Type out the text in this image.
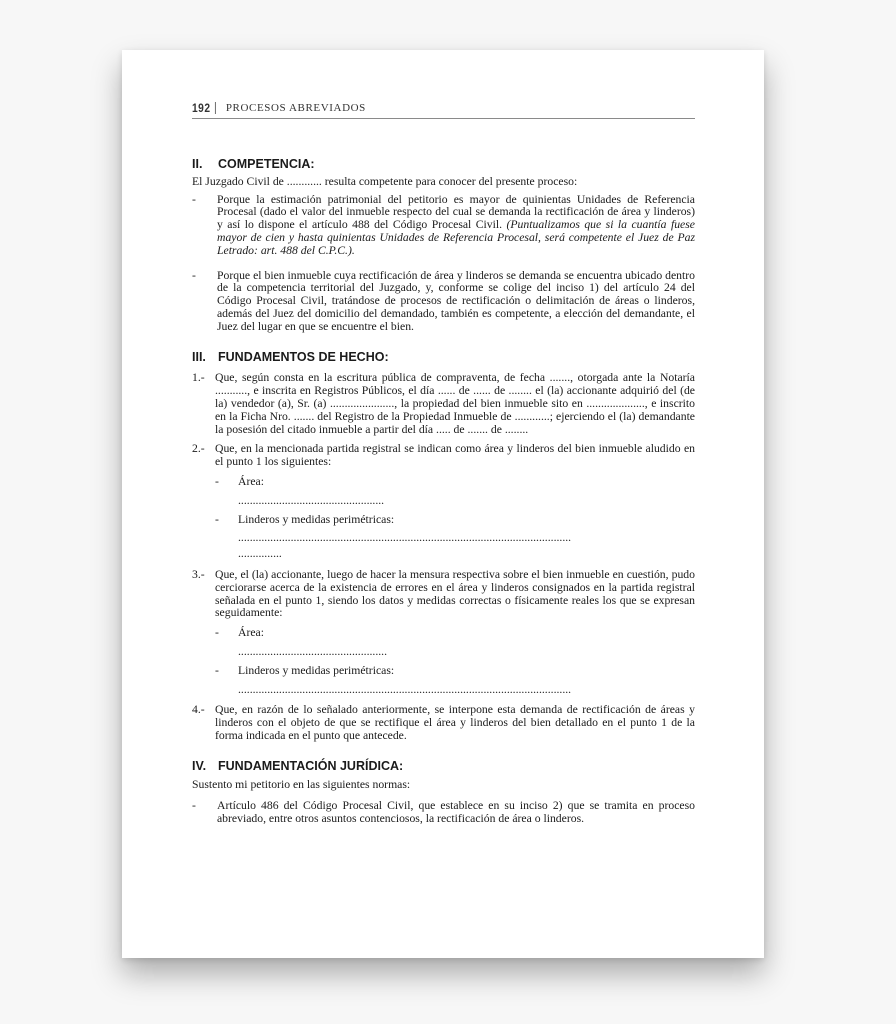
192	PROCESOS ABREVIADOS
II.	COMPETENCIA:

El Juzgado Civil de ............ resulta competente para conocer del presente proceso:

-	Porque la estimación patrimonial del petitorio es mayor de quinientas Unidades de Referencia Procesal (dado el valor del inmueble respecto del cual se demanda la rectificación de área y linderos) y así lo dispone el artículo 488 del Código Procesal Civil. (Puntualizamos que si la cuantía fuese mayor de cien y hasta quinientas Unidades de Referencia Procesal, será competente el Juez de Paz Letrado: art. 488 del C.P.C.).
-	Porque el bien inmueble cuya rectificación de área y linderos se demanda se encuentra ubicado dentro de la competencia territorial del Juzgado, y, conforme se colige del inciso 1) del artículo 24 del Código Procesal Civil, tratándose de procesos de rectificación o delimitación de áreas o linderos, además del Juez del domicilio del demandado, también es competente, a elección del demandante, el Juez del lugar en que se encuentre el bien.
III. FUNDAMENTOS DE HECHO:
1.- Que, según consta en la escritura pública de compraventa, de fecha ......., otorgada ante la Notaría ..........., e inscrita en Registros Públicos, el día ...... de ...... de ........ el (la) accionante adquirió del (de la) vendedor (a), Sr. (a) ......................, la propiedad del bien inmueble sito en ...................., e inscrito en la Ficha Nro. ....... del Registro de la Propiedad Inmueble de ............; ejerciendo el (la) demandante la posesión del citado inmueble a partir del día ..... de ....... de ........
2.- Que, en la mencionada partida registral se indican como área y linderos del bien inmueble aludido en el punto 1 los siguientes:
-	Área:
..................................................
-	Linderos y medidas perimétricas:
..................................................................................................................
...............
3.- Que, el (la) accionante, luego de hacer la mensura respectiva sobre el bien inmueble en cuestión, pudo cerciorarse acerca de la existencia de errores en el área y linderos consignados en la partida registral señalada en el punto 1, siendo los datos y medidas correctas o físicamente reales los que se expresan seguidamente:
-	Área:
...................................................
-	Linderos y medidas perimétricas:
..................................................................................................................
4.- Que, en razón de lo señalado anteriormente, se interpone esta demanda de rectificación de áreas y linderos con el objeto de que se rectifique el área y linderos del bien detallado en el punto 1 de la forma indicada en el punto que antecede.
IV. FUNDAMENTACIÓN JURÍDICA:

Sustento mi petitorio en las siguientes normas:

-	Artículo 486 del Código Procesal Civil, que establece en su inciso 2) que se tramita en proceso abreviado, entre otros asuntos contenciosos, la rectificación de área o linderos.
